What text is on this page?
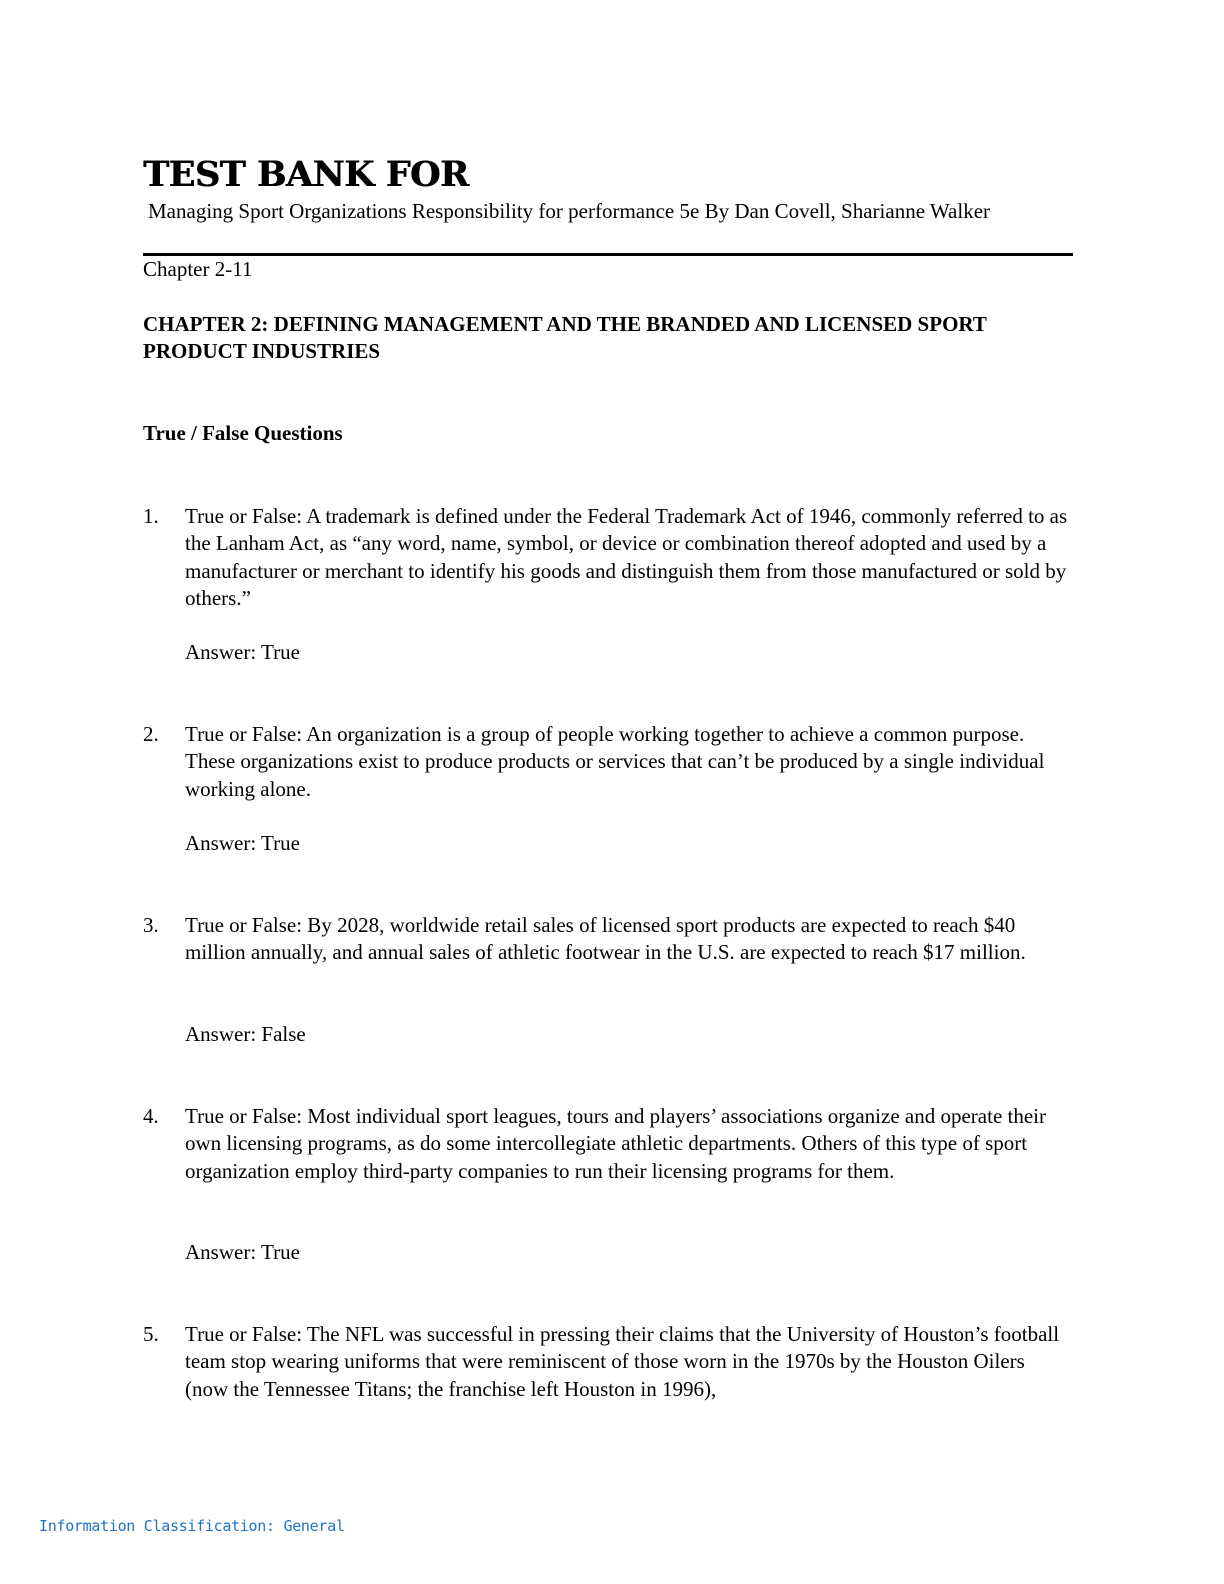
TEST BANK FOR
Managing Sport Organizations Responsibility for performance 5e By Dan Covell, Sharianne Walker
Chapter 2-11
CHAPTER 2: DEFINING MANAGEMENT AND THE BRANDED AND LICENSED SPORT PRODUCT INDUSTRIES
True / False Questions
1. True or False: A trademark is defined under the Federal Trademark Act of 1946, commonly referred to as the Lanham Act, as “any word, name, symbol, or device or combination thereof adopted and used by a manufacturer or merchant to identify his goods and distinguish them from those manufactured or sold by others.”
Answer: True
2. True or False: An organization is a group of people working together to achieve a common purpose. These organizations exist to produce products or services that can’t be produced by a single individual working alone.
Answer: True
3. True or False: By 2028, worldwide retail sales of licensed sport products are expected to reach $40 million annually, and annual sales of athletic footwear in the U.S. are expected to reach $17 million.
Answer: False
4. True or False: Most individual sport leagues, tours and players’ associations organize and operate their own licensing programs, as do some intercollegiate athletic departments. Others of this type of sport organization employ third-party companies to run their licensing programs for them.
Answer: True
5. True or False: The NFL was successful in pressing their claims that the University of Houston’s football team stop wearing uniforms that were reminiscent of those worn in the 1970s by the Houston Oilers (now the Tennessee Titans; the franchise left Houston in 1996),
Information Classification: General
